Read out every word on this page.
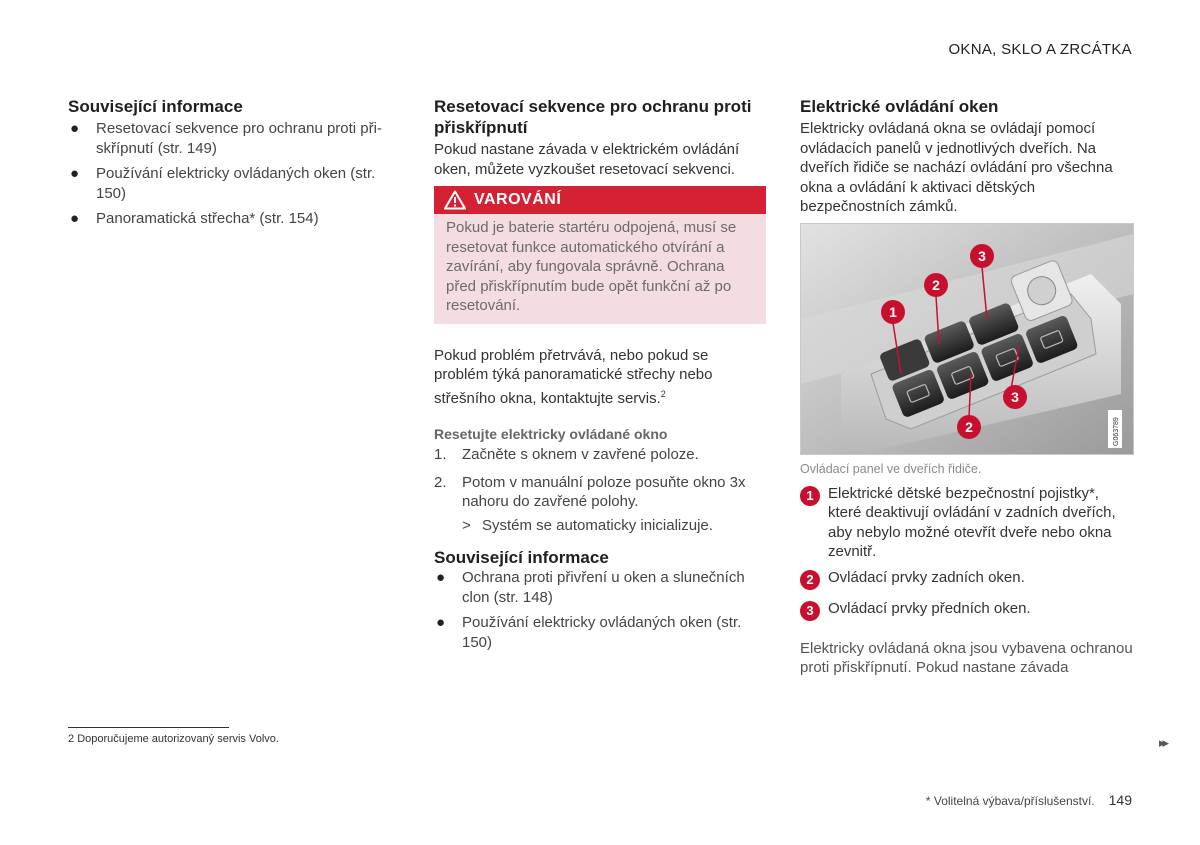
OKNA, SKLO A ZRCÁTKA
Související informace
● Resetovací sekvence pro ochranu proti při-skřípnutí (str. 149)
● Používání elektricky ovládaných oken (str. 150)
● Panoramatická střecha* (str. 154)
Resetovací sekvence pro ochranu proti přiskřípnutí

Pokud nastane závada v elektrickém ovládání oken, můžete vyzkoušet resetovací sekvenci.

VAROVÁNÍ
Pokud je baterie startéru odpojená, musí se resetovat funkce automatického otvírání a zavírání, aby fungovala správně. Ochrana před přiskřípnutím bude opět funkční až po resetování.

Pokud problém přetrvává, nebo pokud se problém týká panoramatické střechy nebo střešního okna, kontaktujte servis.$^2$

Resetujte elektricky ovládané okno
1. Začněte s oknem v zavřené poloze.
2. Potom v manuální poloze posuňte okno 3x nahoru do zavřené polohy.
> Systém se automaticky inicializuje.
Související informace
● Ochrana proti přivření u oken a slunečních clon (str. 148)
● Používání elektricky ovládaných oken (str. 150)
Elektrické ovládání oken

Elektricky ovládaná okna se ovládají pomocí ovládacích panelů v jednotlivých dveřích. Na dveřích řidiče se nachází ovládání pro všechna okna a ovládání k aktivaci dětských bezpečnostních zámků.

1
2
3
3
2	G063789
Ovládací panel ve dveřích řidiče.
1 Elektrické dětské bezpečnostní pojistky*, které deaktivují ovládání v zadních dveřích, aby nebylo možné otevřít dveře nebo okna zevnitř.
2 Ovládací prvky zadních oken.
3 Ovládací prvky předních oken.

Elektricky ovládaná okna jsou vybavena ochranou proti přiskřípnutí. Pokud nastane závada

2 Doporučujeme autorizovaný servis Volvo.	▸▸
* Volitelná výbava/příslušenství. 149
